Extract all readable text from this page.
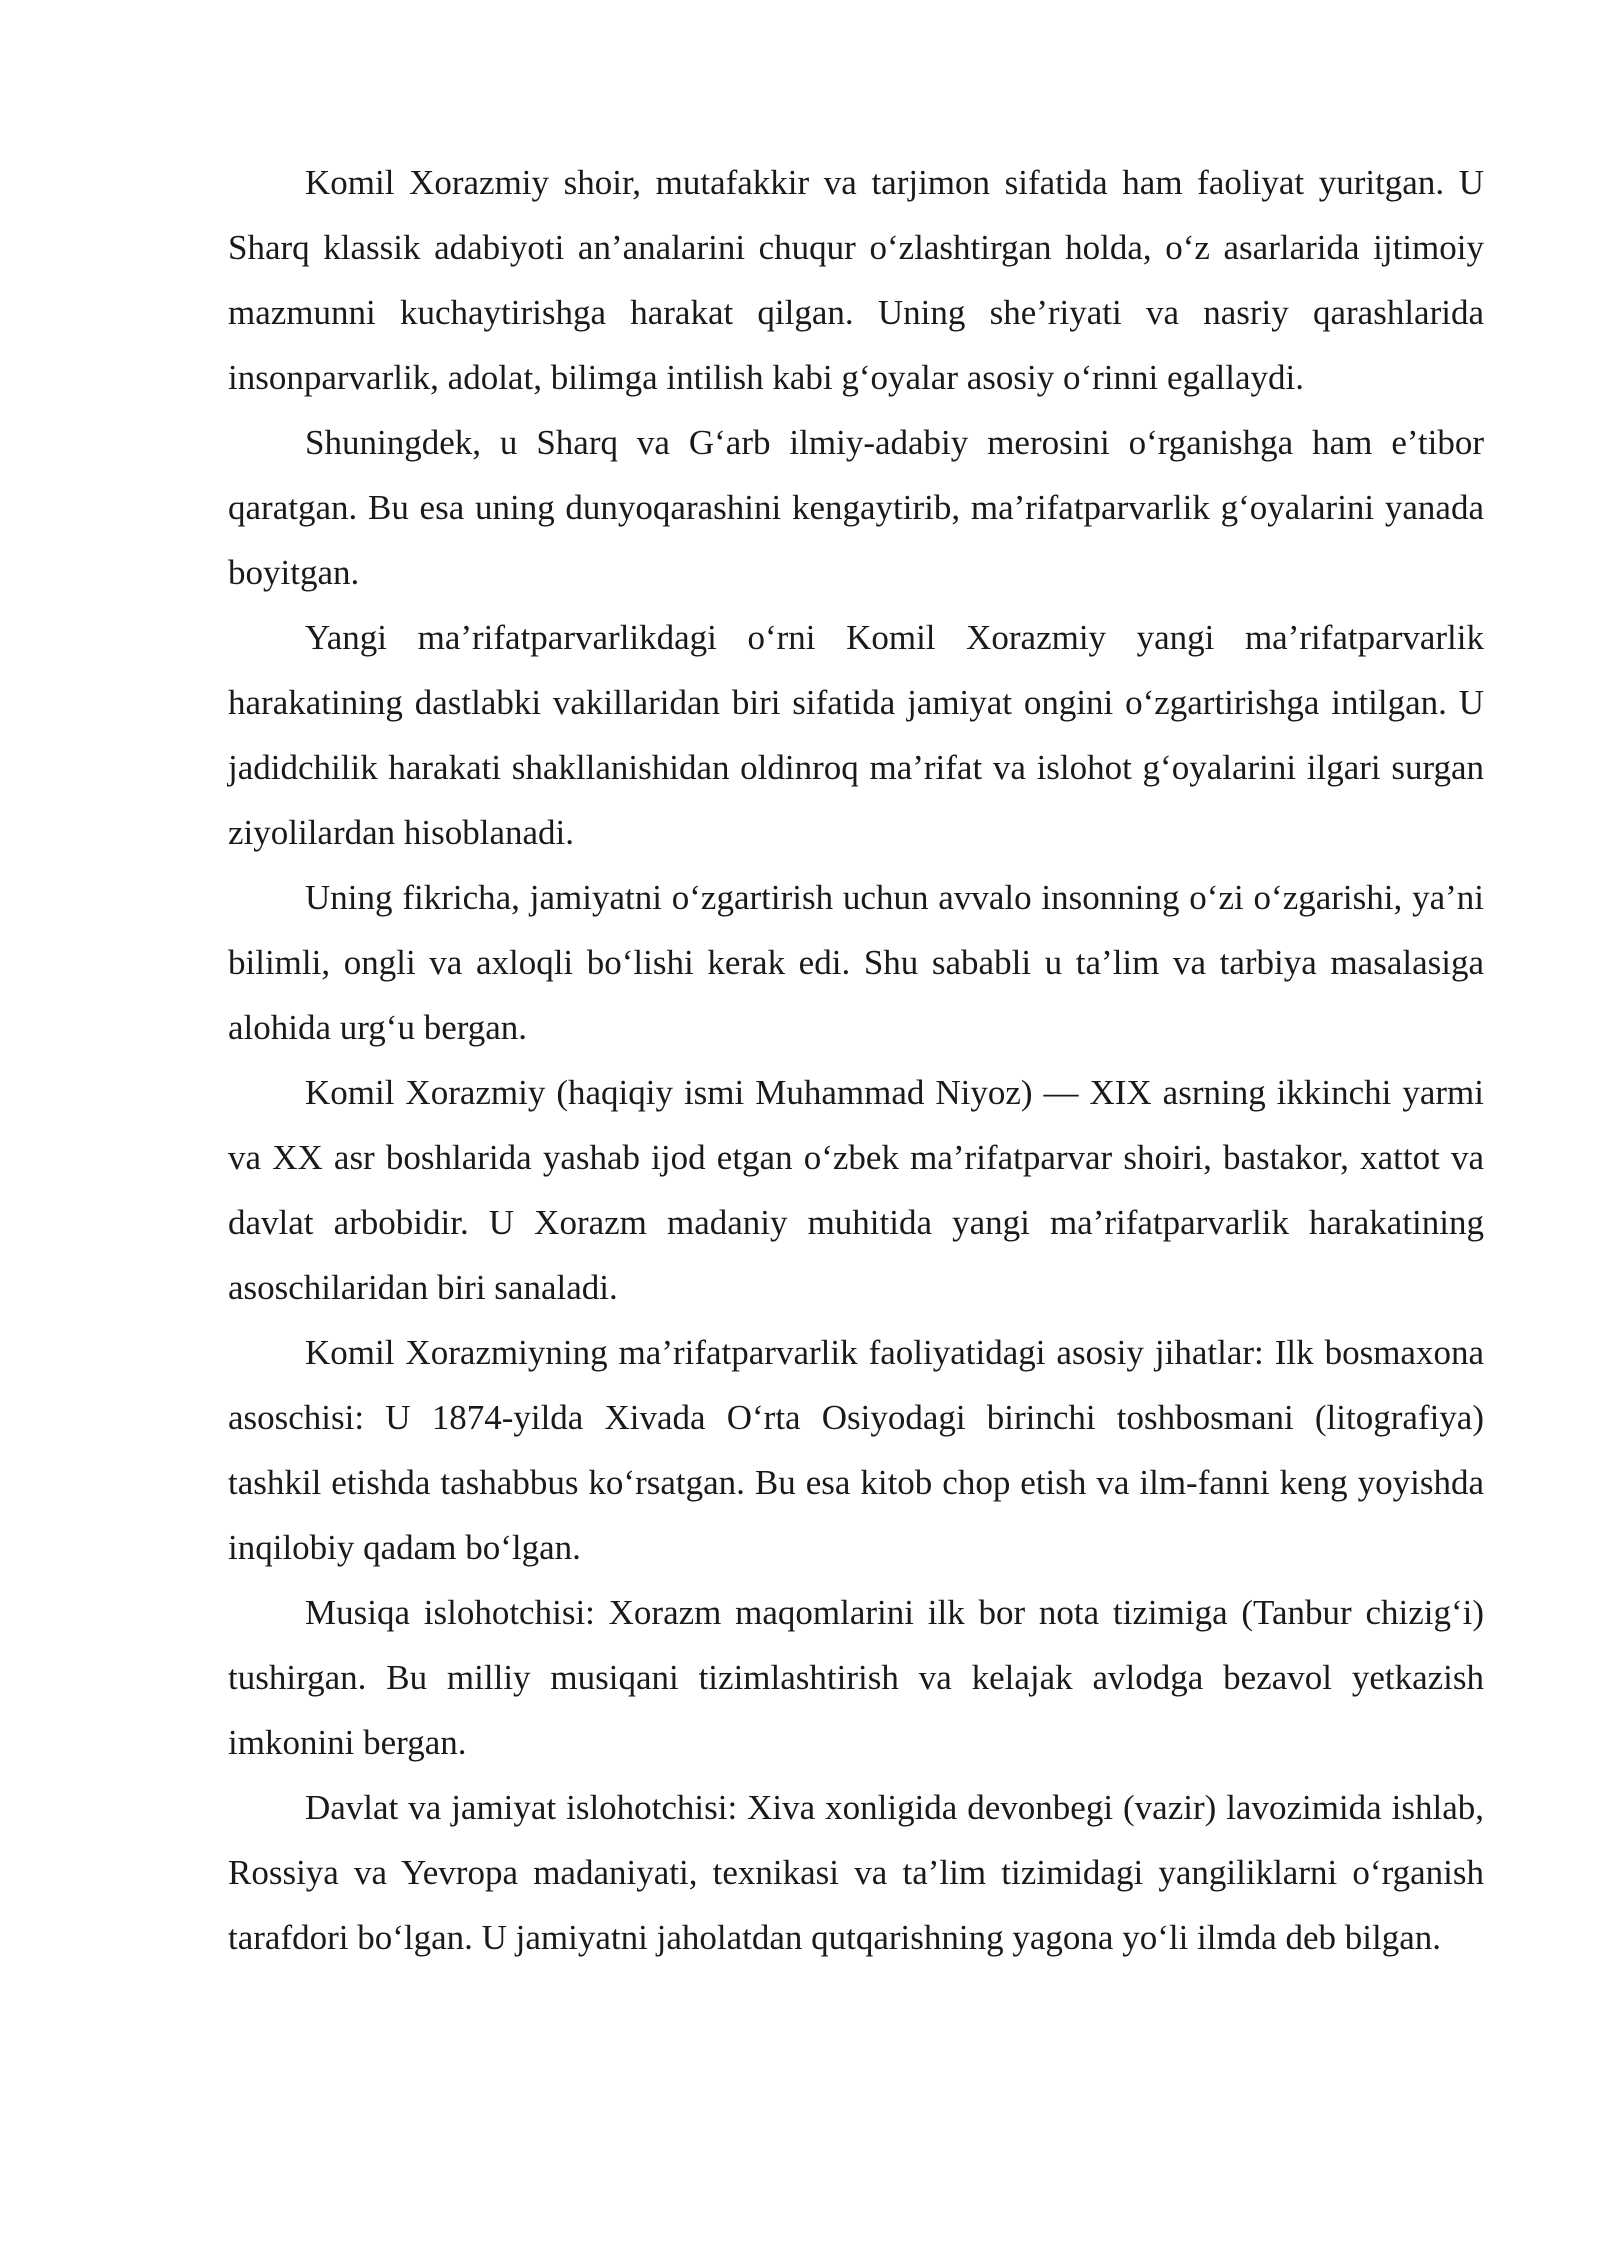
Komil Xorazmiy shoir, mutafakkir va tarjimon sifatida ham faoliyat yuritgan. U Sharq klassik adabiyoti an’analarini chuqur o‘zlashtirgan holda, o‘z asarlarida ijtimoiy mazmunni kuchaytirishga harakat qilgan. Uning she’riyati va nasriy qarashlarida insonparvarlik, adolat, bilimga intilish kabi g‘oyalar asosiy o‘rinni egallaydi.

Shuningdek, u Sharq va G‘arb ilmiy-adabiy merosini o‘rganishga ham e’tibor qaratgan. Bu esa uning dunyoqarashini kengaytirib, ma’rifatparvarlik g‘oyalarini yanada boyitgan.

Yangi ma’rifatparvarlikdagi o‘rni Komil Xorazmiy yangi ma’rifatparvarlik harakatining dastlabki vakillaridan biri sifatida jamiyat ongini o‘zgartirishga intilgan. U jadidchilik harakati shakllanishidan oldinroq ma’rifat va islohot g‘oyalarini ilgari surgan ziyolilardan hisoblanadi.

Uning fikricha, jamiyatni o‘zgartirish uchun avvalo insonning o‘zi o‘zgarishi, ya’ni bilimli, ongli va axloqli bo‘lishi kerak edi. Shu sababli u ta’lim va tarbiya masalasiga alohida urg‘u bergan.

Komil Xorazmiy (haqiqiy ismi Muhammad Niyoz) — XIX asrning ikkinchi yarmi va XX asr boshlarida yashab ijod etgan o‘zbek ma’rifatparvar shoiri, bastakor, xattot va davlat arbobidir. U Xorazm madaniy muhitida yangi ma’rifatparvarlik harakatining asoschilaridan biri sanaladi.

Komil Xorazmiyning ma’rifatparvarlik faoliyatidagi asosiy jihatlar: Ilk bosmaxona asoschisi: U 1874-yilda Xivada O‘rta Osiyodagi birinchi toshbosmani (litografiya) tashkil etishda tashabbus ko‘rsatgan. Bu esa kitob chop etish va ilm-fanni keng yoyishda inqilobiy qadam bo‘lgan.

Musiqa islohotchisi: Xorazm maqomlarini ilk bor nota tizimiga (Tanbur chizig‘i) tushirgan. Bu milliy musiqani tizimlashtirish va kelajak avlodga bezavol yetkazish imkonini bergan.

Davlat va jamiyat islohotchisi: Xiva xonligida devonbegi (vazir) lavozimida ishlab, Rossiya va Yevropa madaniyati, texnikasi va ta’lim tizimidagi yangiliklarni o‘rganish tarafdori bo‘lgan. U jamiyatni jaholatdan qutqarishning yagona yo‘li ilmda deb bilgan.
